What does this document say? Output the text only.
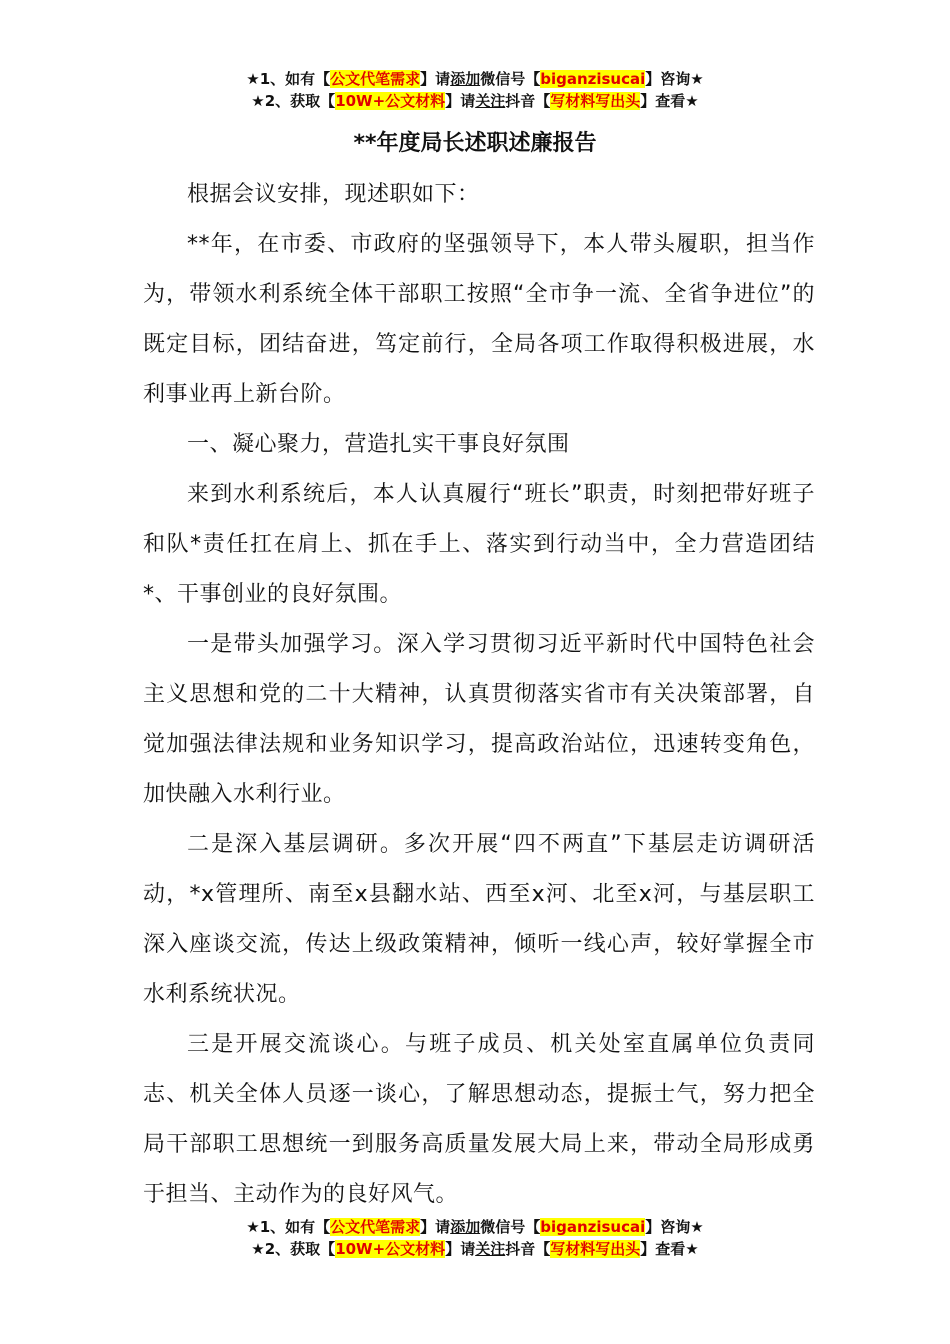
★1、如有【公文代笔需求】请添加微信号【biganzisucai】咨询★
★2、获取【10W+公文材料】请关注抖音【写材料写出头】查看★
**年度局长述职述廉报告

根据会议安排，现述职如下：

**年，在市委、市政府的坚强领导下，本人带头履职，担当作为，带领水利系统全体干部职工按照“全市争一流、全省争进位”的既定目标，团结奋进，笃定前行，全局各项工作取得积极进展，水利事业再上新台阶。

一、凝心聚力，营造扎实干事良好氛围

来到水利系统后，本人认真履行“班长”职责，时刻把带好班子和队*责任扛在肩上、抓在手上、落实到行动当中，全力营造团结*、干事创业的良好氛围。

一是带头加强学习。深入学习贯彻习近平新时代中国特色社会主义思想和党的二十大精神，认真贯彻落实省市有关决策部署，自觉加强法律法规和业务知识学习，提高政治站位，迅速转变角色，加快融入水利行业。

二是深入基层调研。多次开展“四不两直”下基层走访调研活动，*x管理所、南至x县翻水站、西至x河、北至x河，与基层职工深入座谈交流，传达上级政策精神，倾听一线心声，较好掌握全市水利系统状况。

三是开展交流谈心。与班子成员、机关处室直属单位负责同志、机关全体人员逐一谈心，了解思想动态，提振士气，努力把全局干部职工思想统一到服务高质量发展大局上来，带动全局形成勇于担当、主动作为的良好风气。

★1、如有【公文代笔需求】请添加微信号【biganzisucai】咨询★
★2、获取【10W+公文材料】请关注抖音【写材料写出头】查看★
